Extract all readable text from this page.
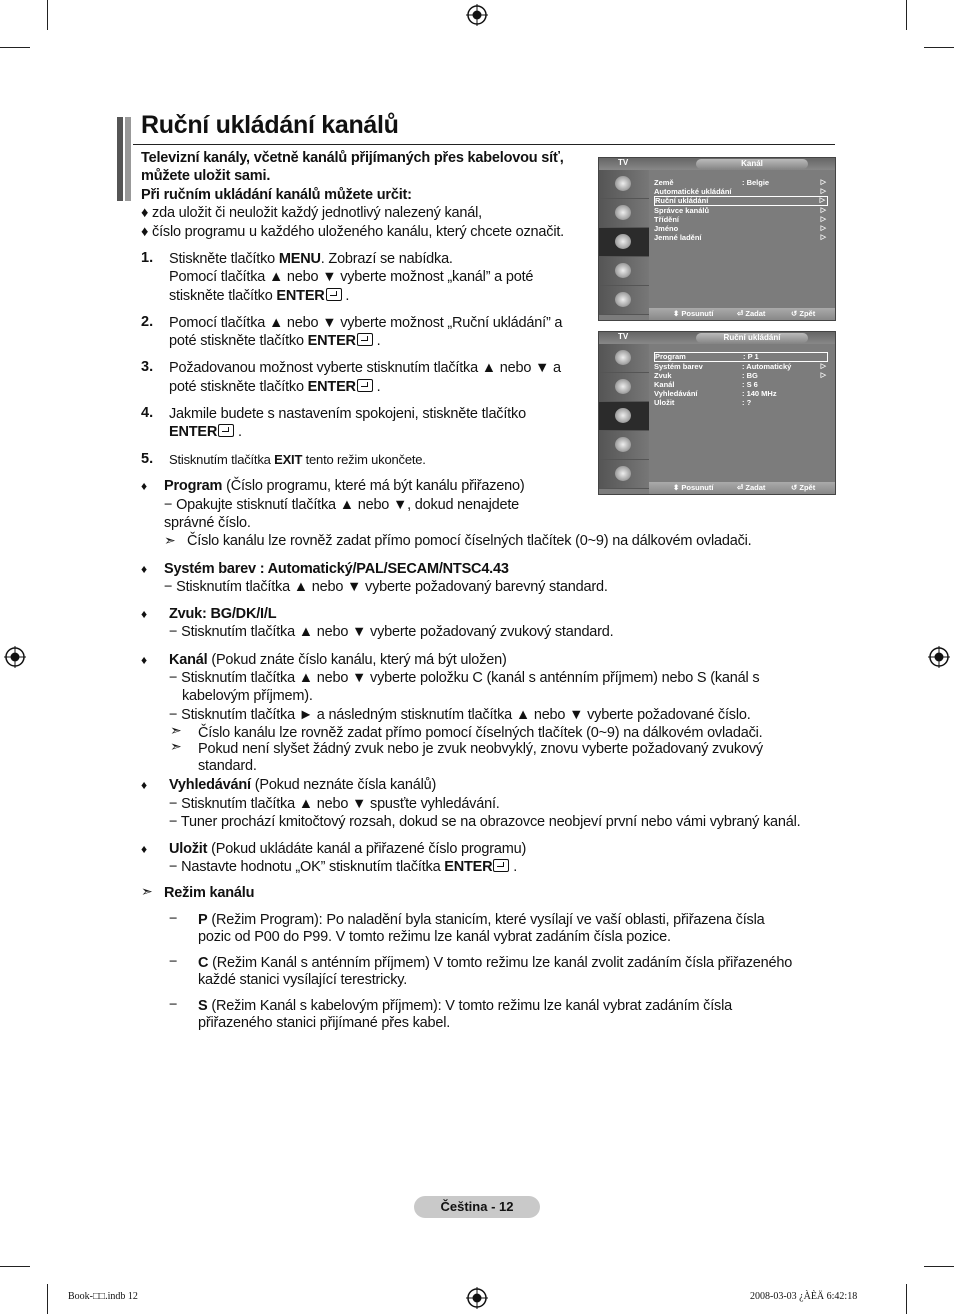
Ruční ukládání kanálů
Televizní kanály, včetně kanálů přijímaných přes kabelovou síť,
můžete uložit sami.
Při ručním ukládání kanálů můžete určit:
♦ zda uložit či neuložit každý jednotlivý nalezený kanál,
♦ číslo programu u každého uloženého kanálu, který chcete označit.
1. Stiskněte tlačítko MENU. Zobrazí se nabídka.
Pomocí tlačítka ▲ nebo ▼ vyberte možnost „kanál” a poté
stiskněte tlačítko ENTER .
2. Pomocí tlačítka ▲ nebo ▼ vyberte možnost „Ruční ukládání” a
poté stiskněte tlačítko ENTER .
3. Požadovanou možnost vyberte stisknutím tlačítka ▲ nebo ▼ a
poté stiskněte tlačítko ENTER .
4. Jakmile budete s nastavením spokojeni, stiskněte tlačítko
ENTER .
5. Stisknutím tlačítka EXIT tento režim ukončete.
♦ Program (Číslo programu, které má být kanálu přiřazeno)
− Opakujte stisknutí tlačítka ▲ nebo ▼, dokud nenajdete
správné číslo.
➣ Číslo kanálu lze rovněž zadat přímo pomocí číselných tlačítek (0~9) na dálkovém ovladači.
♦ Systém barev : Automatický/PAL/SECAM/NTSC4.43
− Stisknutím tlačítka ▲ nebo ▼ vyberte požadovaný barevný standard.
♦ Zvuk: BG/DK/I/L
− Stisknutím tlačítka ▲ nebo ▼ vyberte požadovaný zvukový standard.
♦ Kanál (Pokud znáte číslo kanálu, který má být uložen)
− Stisknutím tlačítka ▲ nebo ▼ vyberte položku C (kanál s anténním příjmem) nebo S (kanál s
kabelovým příjmem).
− Stisknutím tlačítka ► a následným stisknutím tlačítka ▲ nebo ▼ vyberte požadované číslo.
➣ Číslo kanálu lze rovněž zadat přímo pomocí číselných tlačítek (0~9) na dálkovém ovladači.
➣ Pokud není slyšet žádný zvuk nebo je zvuk neobvyklý, znovu vyberte požadovaný zvukový
standard.
♦ Vyhledávání (Pokud neznáte čísla kanálů)
− Stisknutím tlačítka ▲ nebo ▼ spusťte vyhledávání.
− Tuner prochází kmitočtový rozsah, dokud se na obrazovce neobjeví první nebo vámi vybraný kanál.
♦ Uložit (Pokud ukládáte kanál a přiřazené číslo programu)
− Nastavte hodnotu „OK” stisknutím tlačítka ENTER .
➣ Režim kanálu
− P (Režim Program): Po naladění byla stanicím, které vysílají ve vaší oblasti, přiřazena čísla
pozic od P00 do P99. V tomto režimu lze kanál vybrat zadáním čísla pozice.
− C (Režim Kanál s anténním příjmem) V tomto režimu lze kanál zvolit zadáním čísla přiřazeného
každé stanici vysílající terestricky.
− S (Režim Kanál s kabelovým příjmem): V tomto režimu lze kanál vybrat zadáním čísla
přiřazeného stanici přijímané přes kabel.
TV	Kanál
Země	: Belgie	▷
Automatické ukládání	▷
Ruční ukládání	▷
Správce kanálů	▷
Třídění	▷
Jméno	▷
Jemné ladění	▷
⬍ Posunutí	⏎ Zadat	↺ Zpět
TV	Ruční ukládání
Program	: P 1
Systém barev	: Automatický	▷
Zvuk	: BG	▷
Kanál	: S 6
Vyhledávání	: 140 MHz
Uložit	: ?
⬍ Posunutí	⏎ Zadat	↺ Zpět
Čeština - 12
Book-□□.indb 12	2008-03-03 ¿ÀÈÄ 6:42:18
